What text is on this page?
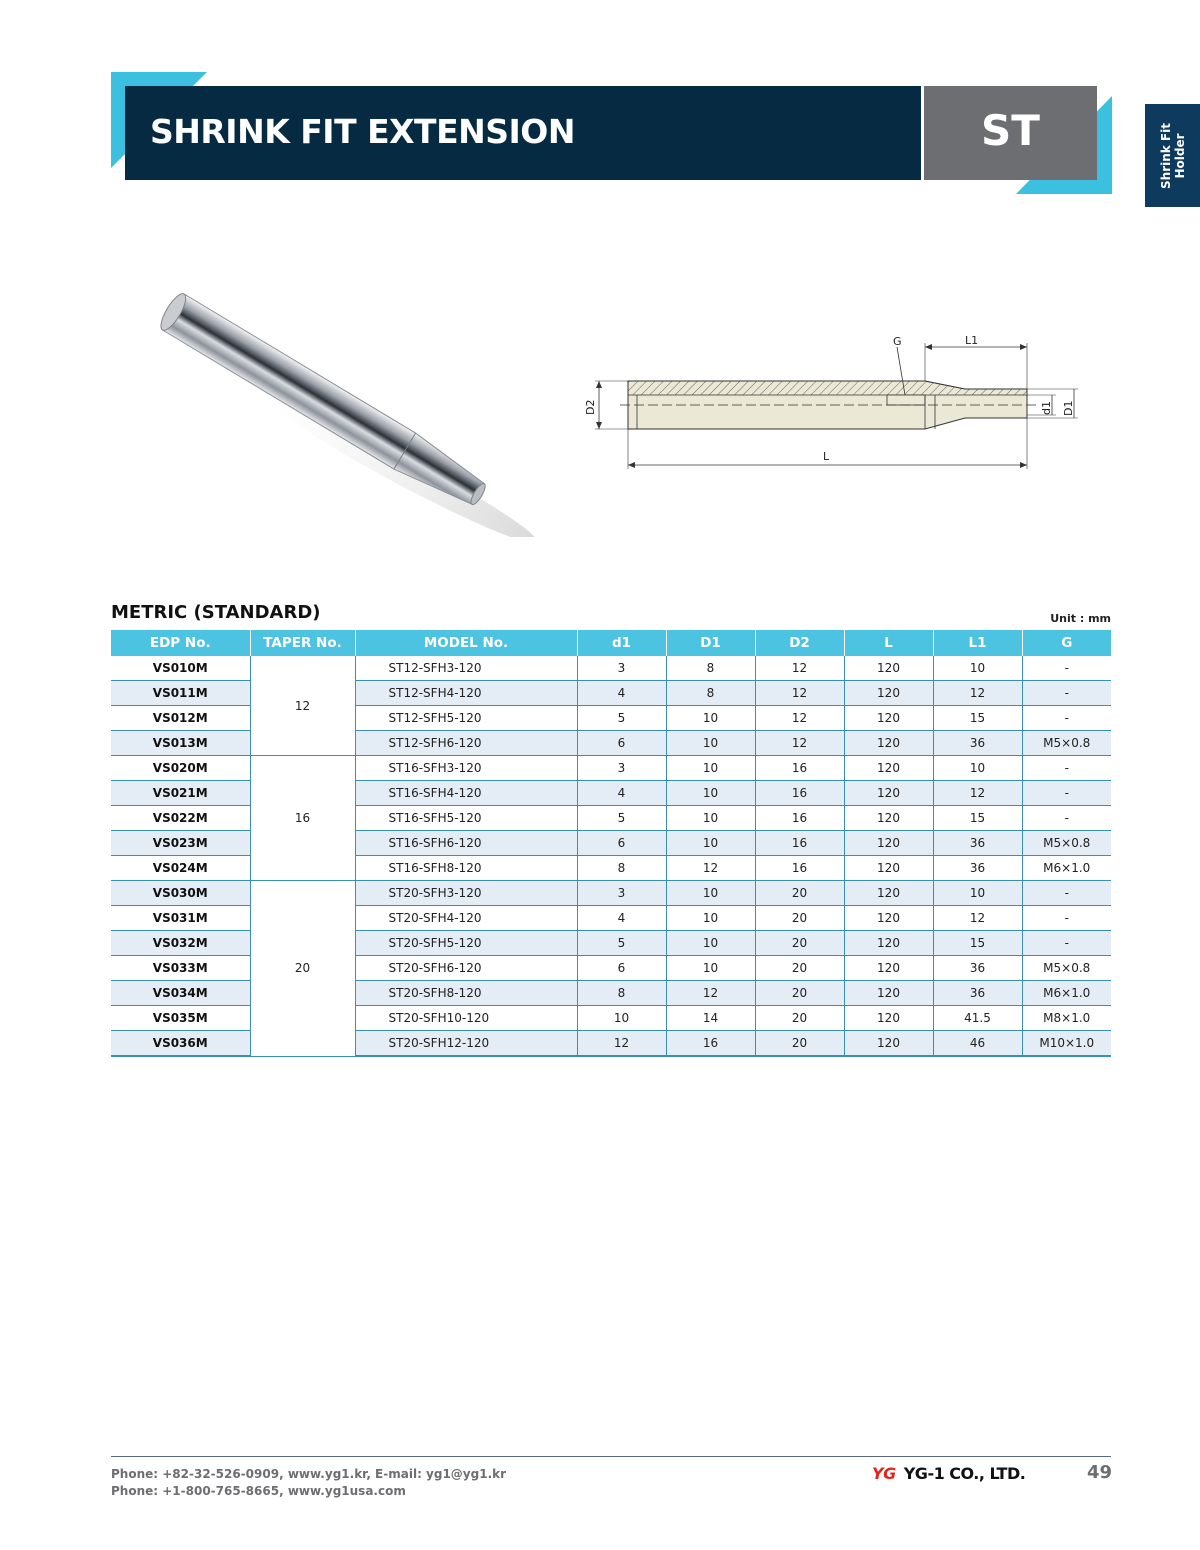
SHRINK FIT EXTENSION	ST	Shrink Fit Holder
G	L1
L
D2	d1 D1
METRIC (STANDARD)	Unit : mm
EDP No.	TAPER No.	MODEL No.	d1	D1	D2	L	L1	G
VS010M	12	ST12-SFH3-120	3	8	12	120	10	-
VS011M		ST12-SFH4-120	4	8	12	120	12	-
VS012M		ST12-SFH5-120	5	10	12	120	15	-
VS013M		ST12-SFH6-120	6	10	12	120	36	M5×0.8
VS020M	16	ST16-SFH3-120	3	10	16	120	10	-
VS021M		ST16-SFH4-120	4	10	16	120	12	-
VS022M		ST16-SFH5-120	5	10	16	120	15	-
VS023M		ST16-SFH6-120	6	10	16	120	36	M5×0.8
VS024M		ST16-SFH8-120	8	12	16	120	36	M6×1.0
VS030M	20	ST20-SFH3-120	3	10	20	120	10	-
VS031M		ST20-SFH4-120	4	10	20	120	12	-
VS032M		ST20-SFH5-120	5	10	20	120	15	-
VS033M		ST20-SFH6-120	6	10	20	120	36	M5×0.8
VS034M		ST20-SFH8-120	8	12	20	120	36	M6×1.0
VS035M		ST20-SFH10-120	10	14	20	120	41.5	M8×1.0
VS036M		ST20-SFH12-120	12	16	20	120	46	M10×1.0
Phone: +82-32-526-0909, www.yg1.kr, E-mail: yg1@yg1.kr
Phone: +1-800-765-8665, www.yg1usa.com
YG YG-1 CO., LTD.	49
